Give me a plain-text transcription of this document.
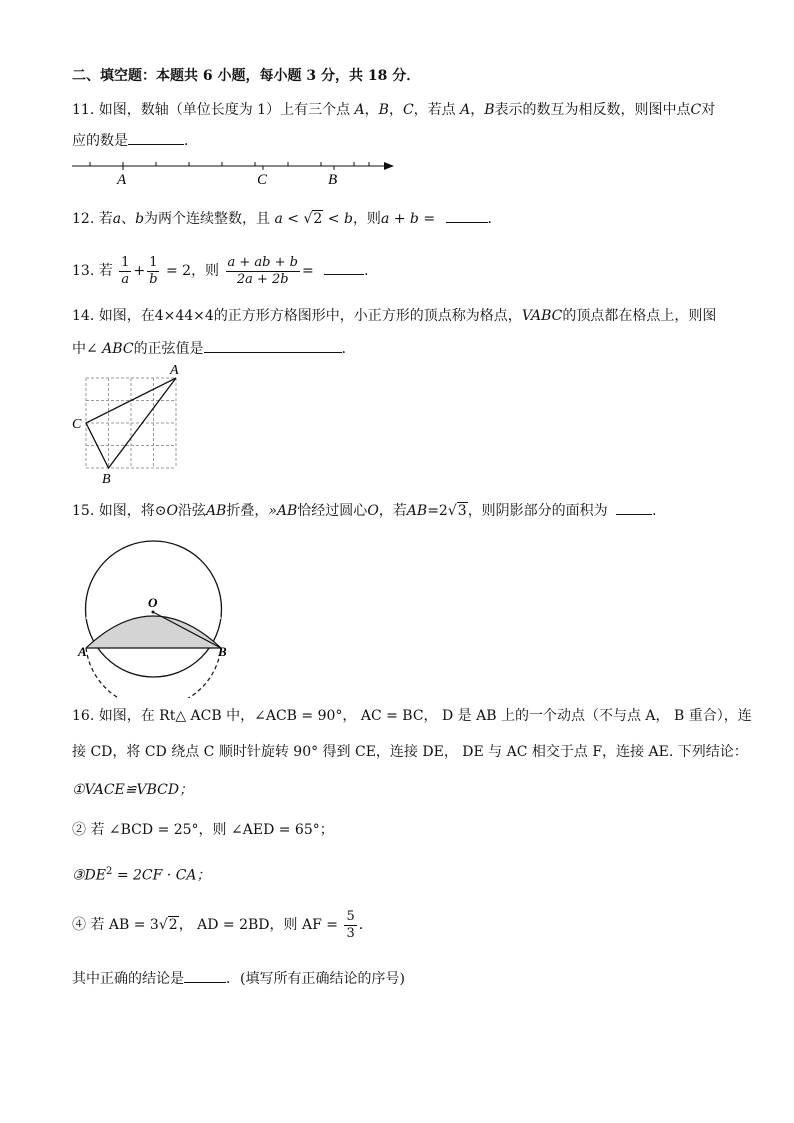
二、填空题：本题共 6 小题，每小题 3 分，共 18 分．
11. 如图，数轴（单位长度为 1）上有三个点 A，B，C，若点 A，B表示的数互为相反数，则图中点C对
应的数是	．
A	C	B
12. 若a、b为两个连续整数，且 a < √2 < b，则a + b =	．
13. 若 $\frac{1}{a} + \frac{1}{b} = 2$，则 $\frac{a + ab + b}{2a + 2b}$ =	．
14. 如图，在4×44×4的正方形方格图形中，小正方形的顶点称为格点，VABC的顶点都在格点上，则图
中∠ ABC的正弦值是	．
A
C
B
15. 如图，将⊙O沿弦AB折叠，»AB恰经过圆心O，若AB=2√3，则阴影部分的面积为	．
O
A	B
16. 如图，在 Rt△ ACB 中，∠ACB = 90°， AC = BC， D 是 AB 上的一个动点（不与点 A， B 重合），连
接 CD，将 CD 绕点 C 顺时针旋转 90° 得到 CE，连接 DE， DE 与 AC 相交于点 F，连接 AE. 下列结论：
①VACE≌VBCD；
② 若 ∠BCD = 25°，则 ∠AED = 65°；
$③DE^2 = 2CF$ · CA；
④ 若 AB = 3√2， AD = 2BD，则 AF = $\frac{5}{3}$ ．
其中正确的结论是	．(填写所有正确结论的序号)
